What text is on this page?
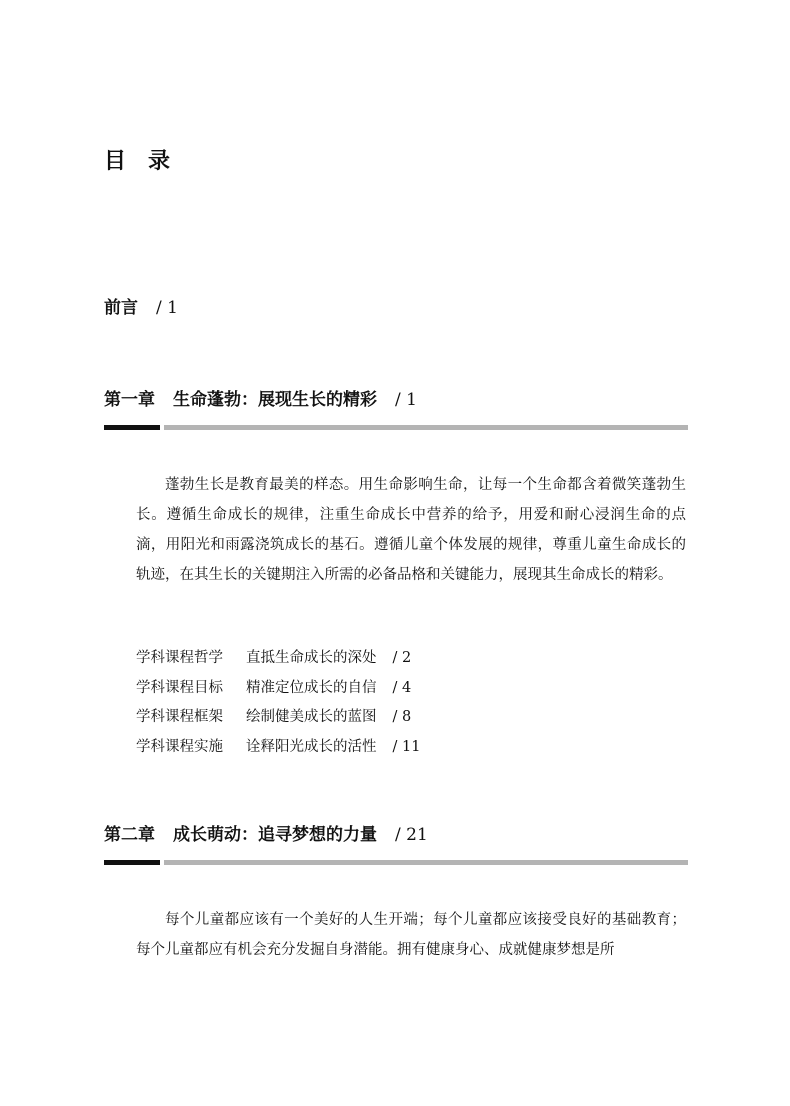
目录
前言 / 1
第一章 生命蓬勃：展现生长的精彩 / 1

蓬勃生长是教育最美的样态。用生命影响生命，让每一个生命都含着微笑蓬勃生长。遵循生命成长的规律，注重生命成长中营养的给予，用爱和耐心浸润生命的点滴，用阳光和雨露浇筑成长的基石。遵循儿童个体发展的规律，尊重儿童生命成长的轨迹，在其生长的关键期注入所需的必备品格和关键能力，展现其生命成长的精彩。

学科课程哲学 直抵生命成长的深处 / 2
学科课程目标 精准定位成长的自信 / 4
学科课程框架 绘制健美成长的蓝图 / 8
学科课程实施 诠释阳光成长的活性 / 11
第二章 成长萌动：追寻梦想的力量 / 21

每个儿童都应该有一个美好的人生开端；每个儿童都应该接受良好的基础教育；每个儿童都应有机会充分发掘自身潜能。拥有健康身心、成就健康梦想是所
